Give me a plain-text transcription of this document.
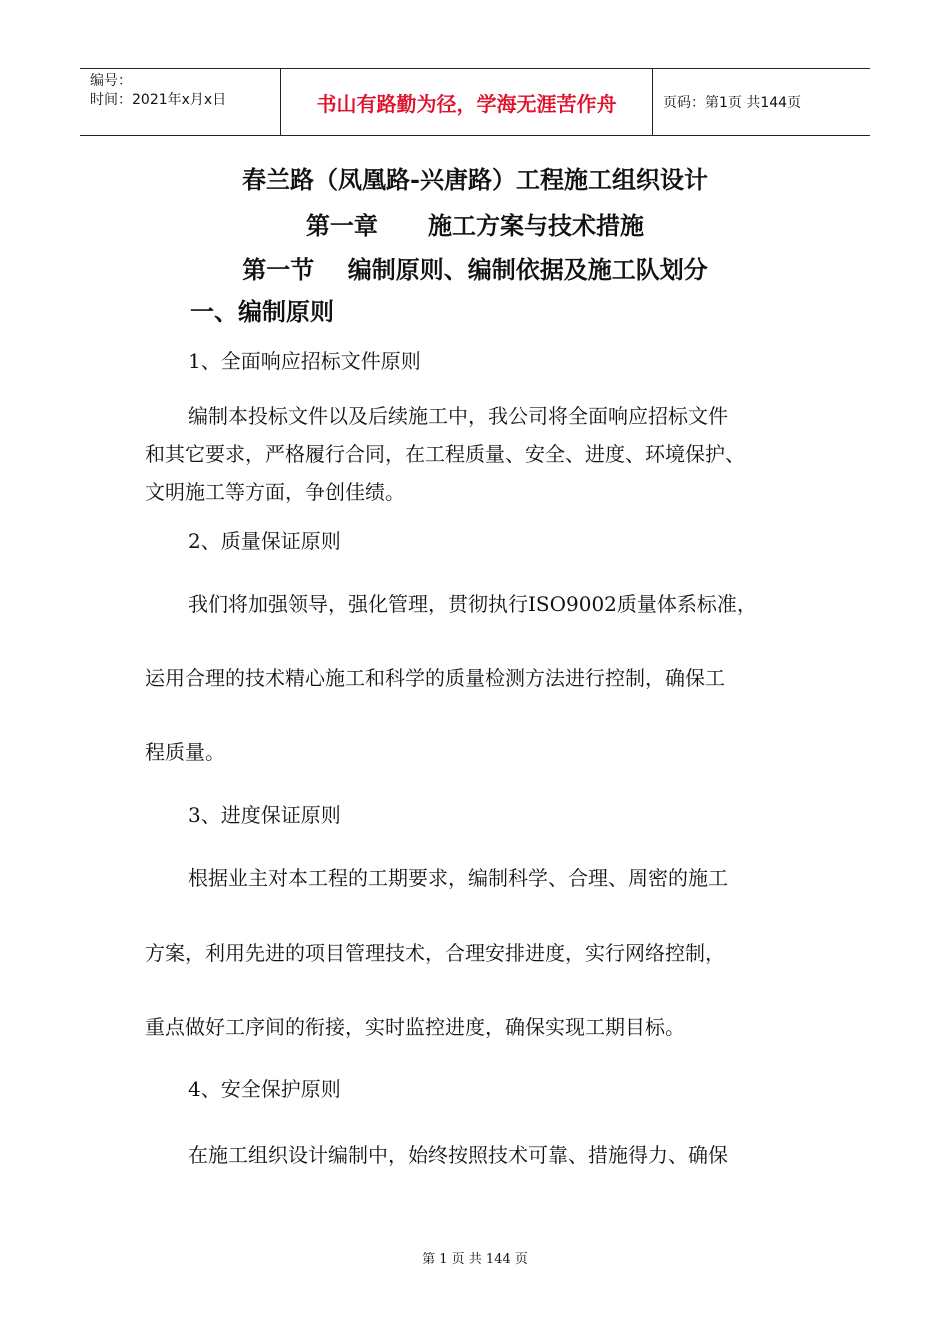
编号：
时间：2021年x月x日	书山有路勤为径，学海无涯苦作舟	页码：第1页 共144页
春兰路（凤凰路-兴唐路）工程施工组织设计
第一章      施工方案与技术措施
第一节    编制原则、编制依据及施工队划分
一、编制原则
1、全面响应招标文件原则
编制本投标文件以及后续施工中，我公司将全面响应招标文件
和其它要求，严格履行合同，在工程质量、安全、进度、环境保护、
文明施工等方面，争创佳绩。
2、质量保证原则
我们将加强领导，强化管理，贯彻执行ISO9002质量体系标准，
运用合理的技术精心施工和科学的质量检测方法进行控制，确保工
程质量。
3、进度保证原则
根据业主对本工程的工期要求，编制科学、合理、周密的施工
方案，利用先进的项目管理技术，合理安排进度，实行网络控制，
重点做好工序间的衔接，实时监控进度，确保实现工期目标。
4、安全保护原则
在施工组织设计编制中，始终按照技术可靠、措施得力、确保
第 1 页 共 144 页
